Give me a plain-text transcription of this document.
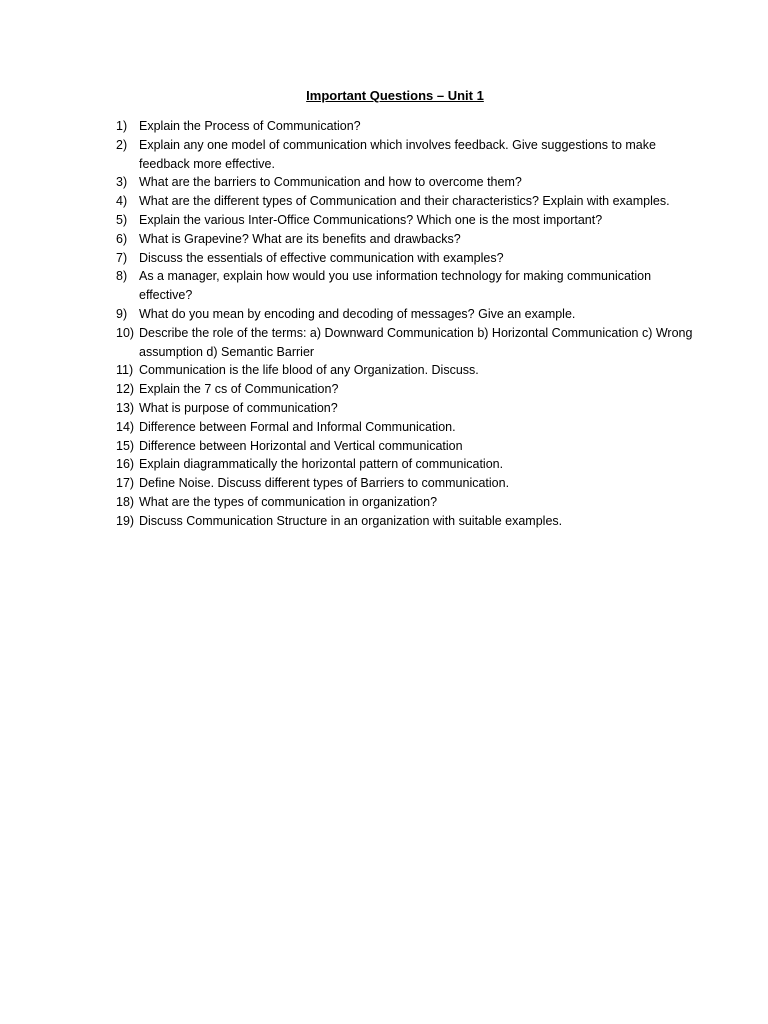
Important Questions – Unit 1
1) Explain the Process of Communication?
2) Explain any one model of communication which involves feedback. Give suggestions to make feedback more effective.
3) What are the barriers to Communication and how to overcome them?
4) What are the different types of Communication and their characteristics? Explain with examples.
5) Explain the various Inter-Office Communications? Which one is the most important?
6) What is Grapevine? What are its benefits and drawbacks?
7) Discuss the essentials of effective communication with examples?
8) As a manager, explain how would you use information technology for making communication effective?
9) What do you mean by encoding and decoding of messages? Give an example.
10) Describe the role of the terms: a) Downward Communication b) Horizontal Communication c) Wrong assumption d) Semantic Barrier
11) Communication is the life blood of any Organization. Discuss.
12) Explain the 7 cs of Communication?
13) What is purpose of communication?
14) Difference between Formal and Informal Communication.
15) Difference between Horizontal and Vertical communication
16) Explain diagrammatically the horizontal pattern of communication.
17) Define Noise. Discuss different types of Barriers to communication.
18) What are the types of communication in organization?
19) Discuss Communication Structure in an organization with suitable examples.
